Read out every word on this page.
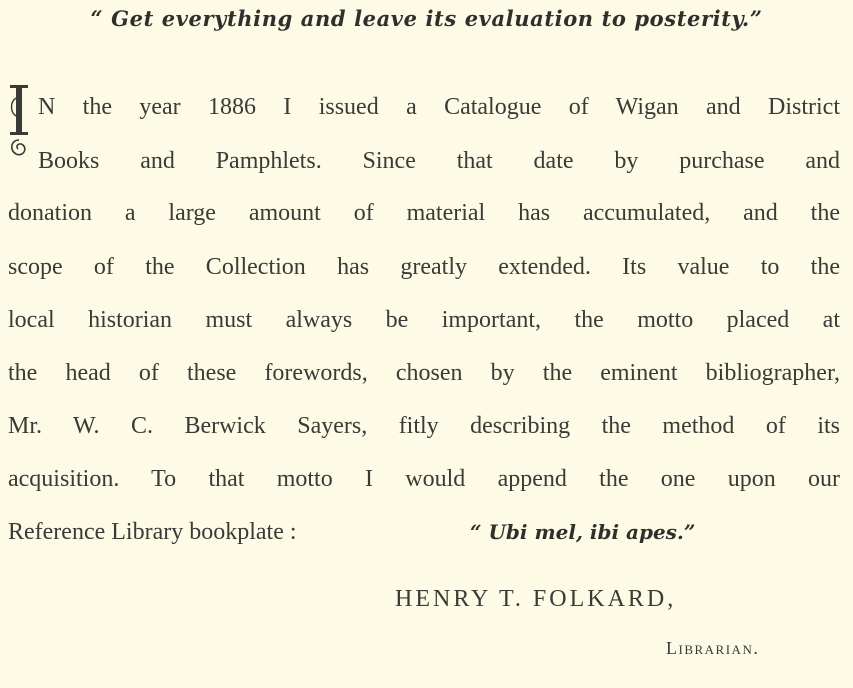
“ Get everything and leave its evaluation to posterity.”
N the year 1886 I issued a Catalogue of Wigan and District
Books and Pamphlets. Since that date by purchase and
donation a large amount of material has accumulated, and the
scope of the Collection has greatly extended. Its value to the
local historian must always be important, the motto placed at
the head of these forewords, chosen by the eminent bibliographer,
Mr. W. C. Berwick Sayers, fitly describing the method of its
acquisition. To that motto I would append the one upon our
Reference Library bookplate :	“ Ubi mel, ibi apes.”
HENRY T. FOLKARD,
Librarian.
